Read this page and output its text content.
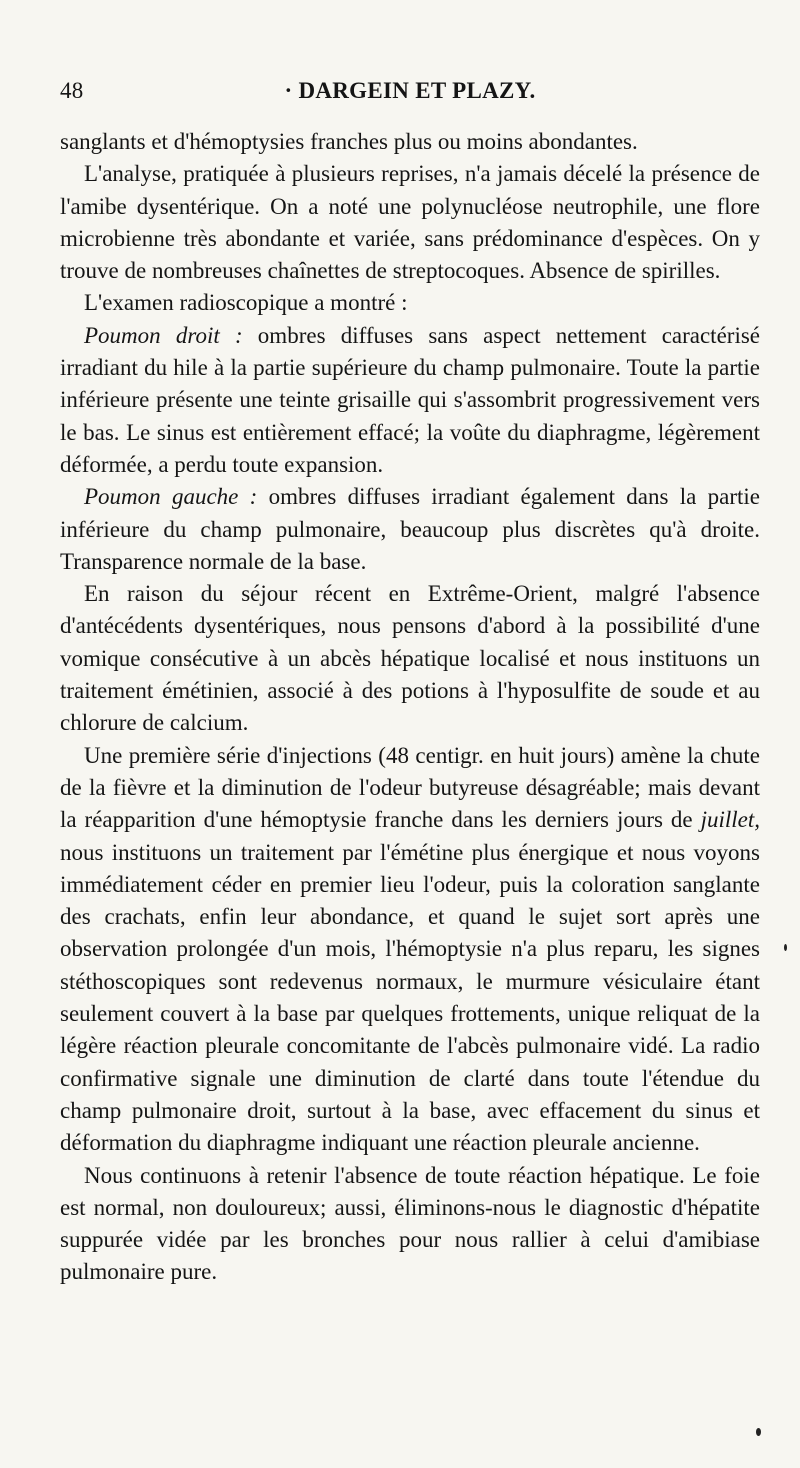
48	· DARGEIN ET PLAZY.

sanglants et d'hémoptysies franches plus ou moins abondantes.

L'analyse, pratiquée à plusieurs reprises, n'a jamais décelé la présence de l'amibe dysentérique. On a noté une polynucléose neutrophile, une flore microbienne très abondante et variée, sans prédominance d'espèces. On y trouve de nombreuses chaînettes de streptocoques. Absence de spirilles.

L'examen radioscopique a montré :

Poumon droit : ombres diffuses sans aspect nettement caractérisé irradiant du hile à la partie supérieure du champ pulmonaire. Toute la partie inférieure présente une teinte grisaille qui s'assombrit progressivement vers le bas. Le sinus est entièrement effacé; la voûte du diaphragme, légèrement déformée, a perdu toute expansion.

Poumon gauche : ombres diffuses irradiant également dans la partie inférieure du champ pulmonaire, beaucoup plus discrètes qu'à droite. Transparence normale de la base.

En raison du séjour récent en Extrême-Orient, malgré l'absence d'antécédents dysentériques, nous pensons d'abord à la possibilité d'une vomique consécutive à un abcès hépatique localisé et nous instituons un traitement émétinien, associé à des potions à l'hyposulfite de soude et au chlorure de calcium.

Une première série d'injections (48 centigr. en huit jours) amène la chute de la fièvre et la diminution de l'odeur butyreuse désagréable; mais devant la réapparition d'une hémoptysie franche dans les derniers jours de juillet, nous instituons un traitement par l'émétine plus énergique et nous voyons immédiatement céder en premier lieu l'odeur, puis la coloration sanglante des crachats, enfin leur abondance, et quand le sujet sort après une observation prolongée d'un mois, l'hémoptysie n'a plus reparu, les signes stéthoscopiques sont redevenus normaux, le murmure vésiculaire étant seulement couvert à la base par quelques frottements, unique reliquat de la légère réaction pleurale concomitante de l'abcès pulmonaire vidé. La radio confirmative signale une diminution de clarté dans toute l'étendue du champ pulmonaire droit, surtout à la base, avec effacement du sinus et déformation du diaphragme indiquant une réaction pleurale ancienne.

Nous continuons à retenir l'absence de toute réaction hépatique. Le foie est normal, non douloureux; aussi, éliminons-nous le diagnostic d'hépatite suppurée vidée par les bronches pour nous rallier à celui d'amibiase pulmonaire pure.
